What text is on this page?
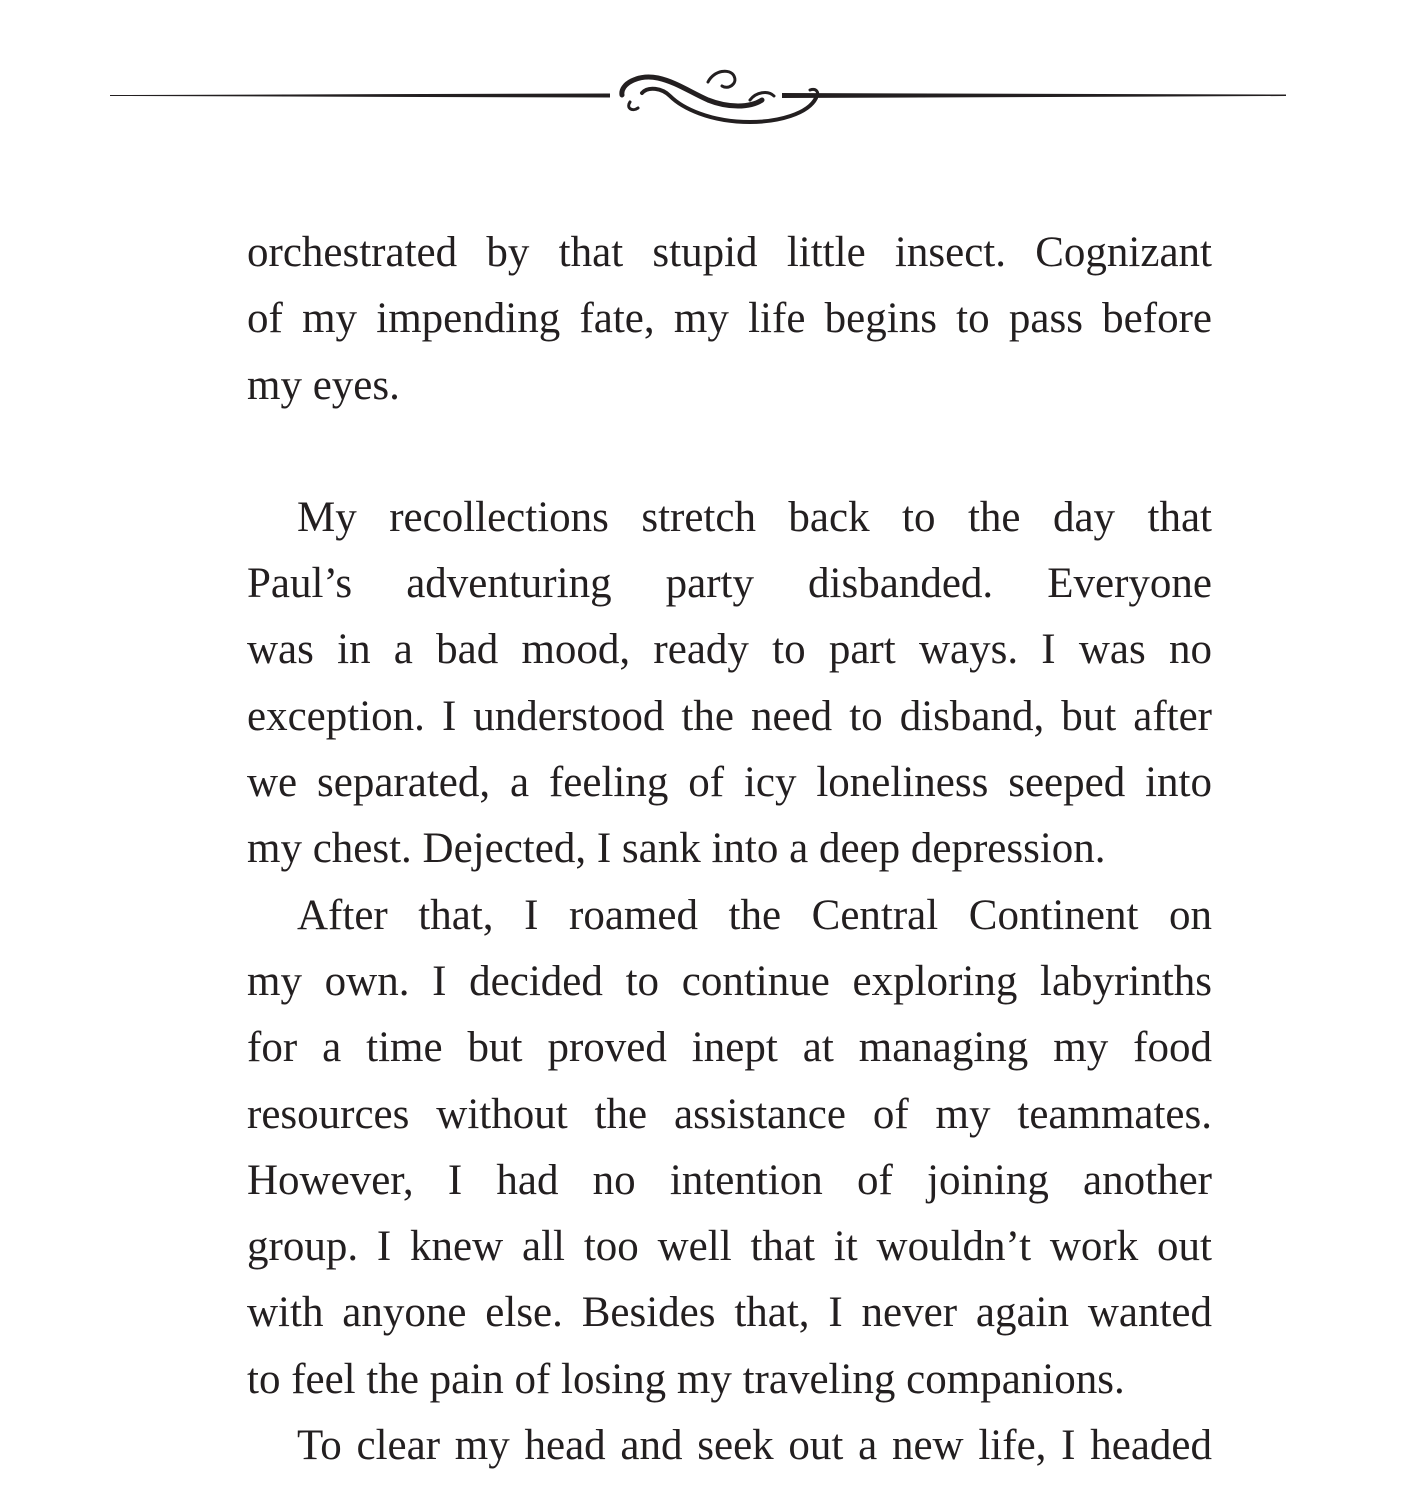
orchestrated by that stupid little insect. Cognizant
of my impending fate, my life begins to pass before
my eyes.
My recollections stretch back to the day that
Paul’s adventuring party disbanded. Everyone
was in a bad mood, ready to part ways. I was no
exception. I understood the need to disband, but after
we separated, a feeling of icy loneliness seeped into
my chest. Dejected, I sank into a deep depression.
After that, I roamed the Central Continent on
my own. I decided to continue exploring labyrinths
for a time but proved inept at managing my food
resources without the assistance of my teammates.
However, I had no intention of joining another
group. I knew all too well that it wouldn’t work out
with anyone else. Besides that, I never again wanted
to feel the pain of losing my traveling companions.
To clear my head and seek out a new life, I headed
